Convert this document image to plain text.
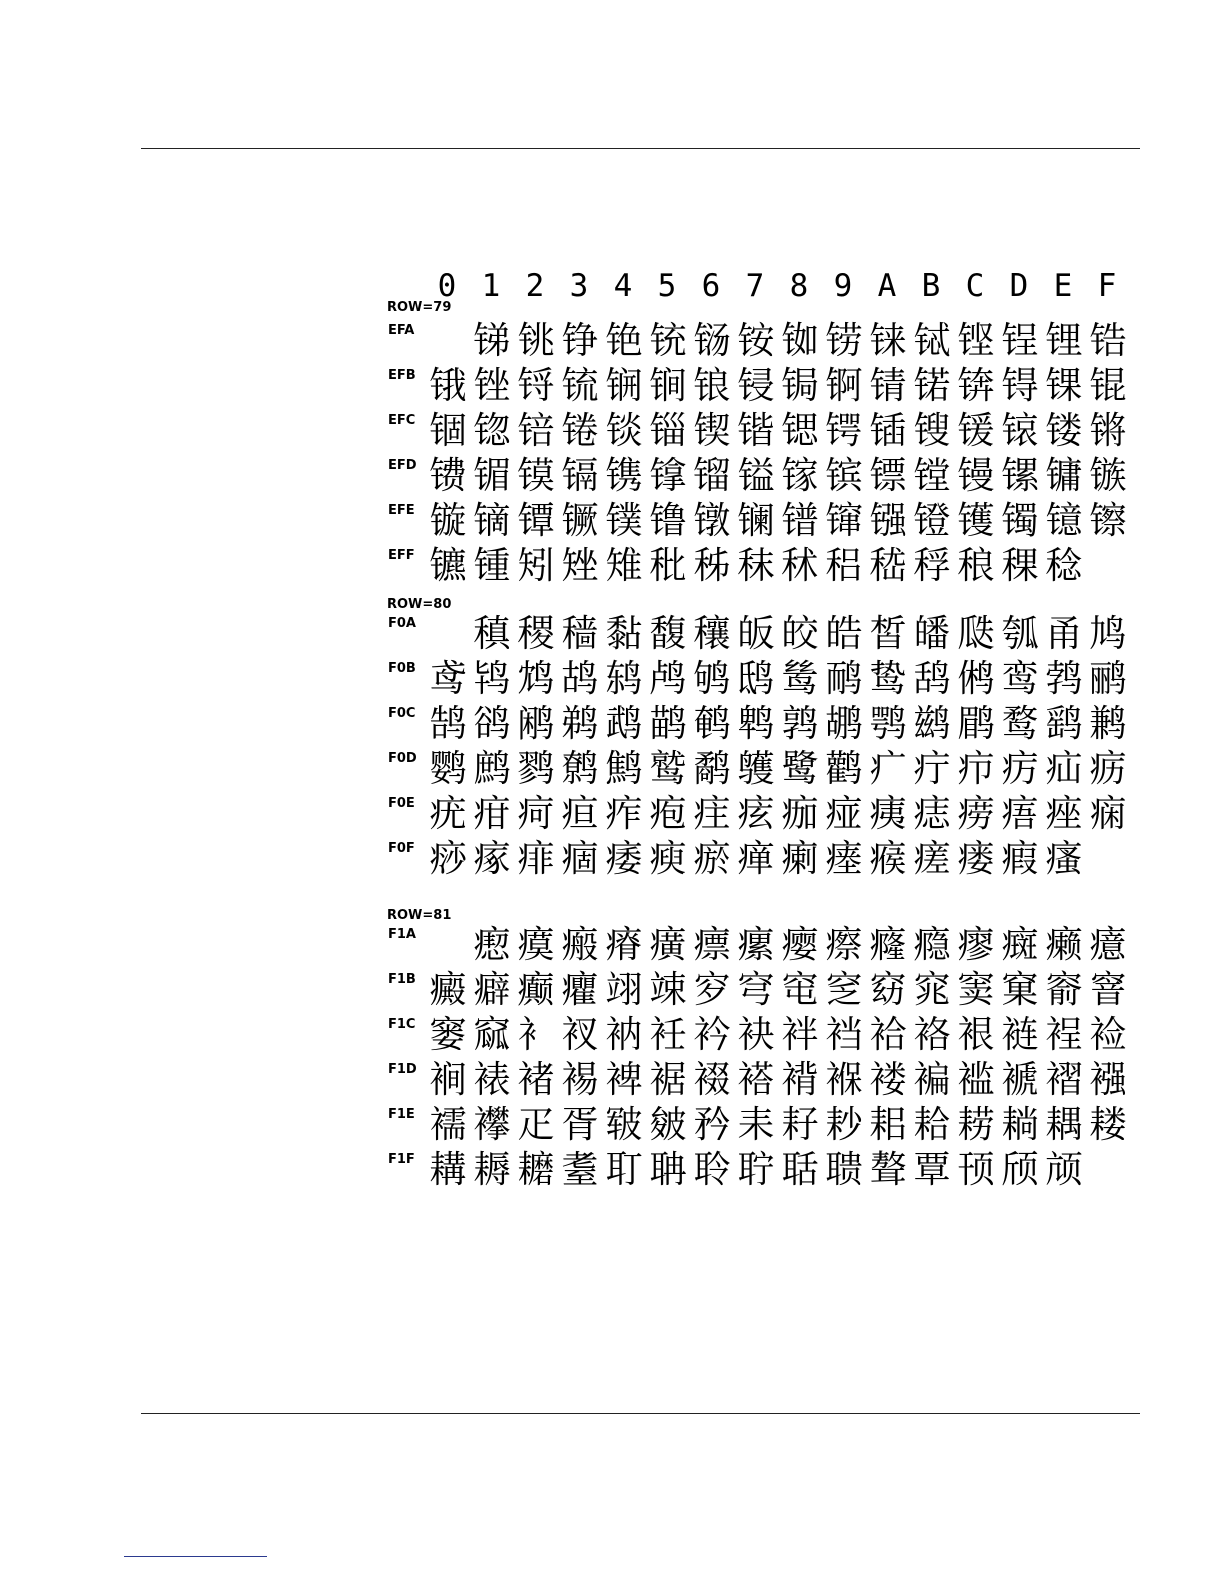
0 1 2 3 4 5 6 7 8 9 A B C D E F
ROW=79
EFA 锑 铫 铮 铯 铳 铴 铵 铷 铹 铼 铽 铿 锃 锂 锆
EFB 锇 锉 锊 锍 锎 锏 锒 锓 锔 锕 锖 锘 锛 锝 锞 锟
EFC 锢 锪 锫 锩 锬 锱 锲 锴 锶 锷 锸 锼 锾 锿 镂 锵
EFD 镄 镅 镆 镉 镌 镎 镏 镒 镓 镔 镖 镗 镘 镙 镛 镞
EFE 镟 镝 镡 镢 镤 镥 镦 镧 镨 镩 镪 镫 镬 镯 镱 镲
EFF 镳 锺 矧 矬 雉 秕 秭 秣 秫 稆 嵇 稃 稂 稞 稔
ROW=80
F0A 稹 稷 穑 黏 馥 穰 皈 皎 皓 皙 皤 瓞 瓠 甬 鸠
F0B 鸢 鸨 鸩 鸪 鸫 鸬 鸲 鸱 鸶 鸸 鸷 鸹 鸺 鸾 鹁 鹂
F0C 鹄 鹆 鹇 鹈 鹉 鹋 鹌 鹎 鹑 鹕 鹗 鹚 鹛 鹜 鹞 鹣
F0D 鹦 鹧 鹨 鹩 鹪 鹫 鹬 鹱 鹭 鹳 疒 疔 疖 疠 疝 疬
F0E 疣 疳 疴 疸 痄 疱 疰 痃 痂 痖 痍 痣 痨 痦 痤 痫
F0F 痧 瘃 痱 痼 痿 瘐 瘀 瘅 瘌 瘗 瘊 瘥 瘘 瘕 瘙
ROW=81
F1A 瘛 瘼 瘢 瘠 癀 瘭 瘰 瘿 瘵 癃 瘾 瘳 癍 癞 癔
F1B 癜 癖 癫 癯 翊 竦 穸 穹 窀 窆 窈 窕 窦 窠 窬 窨
F1C 窭 窳 衤 衩 衲 衽 衿 袂 袢 裆 袷 袼 裉 裢 裎 裣
F1D 裥 裱 褚 裼 裨 裾 裰 褡 褙 褓 褛 褊 褴 褫 褶 襁
F1E 襦 襻 疋 胥 皲 皴 矜 耒 耔 耖 耜 耠 耢 耥 耦 耧
F1F 耩 耨 耱 耋 耵 聃 聆 聍 聒 聩 聱 覃 顸 颀 颃
